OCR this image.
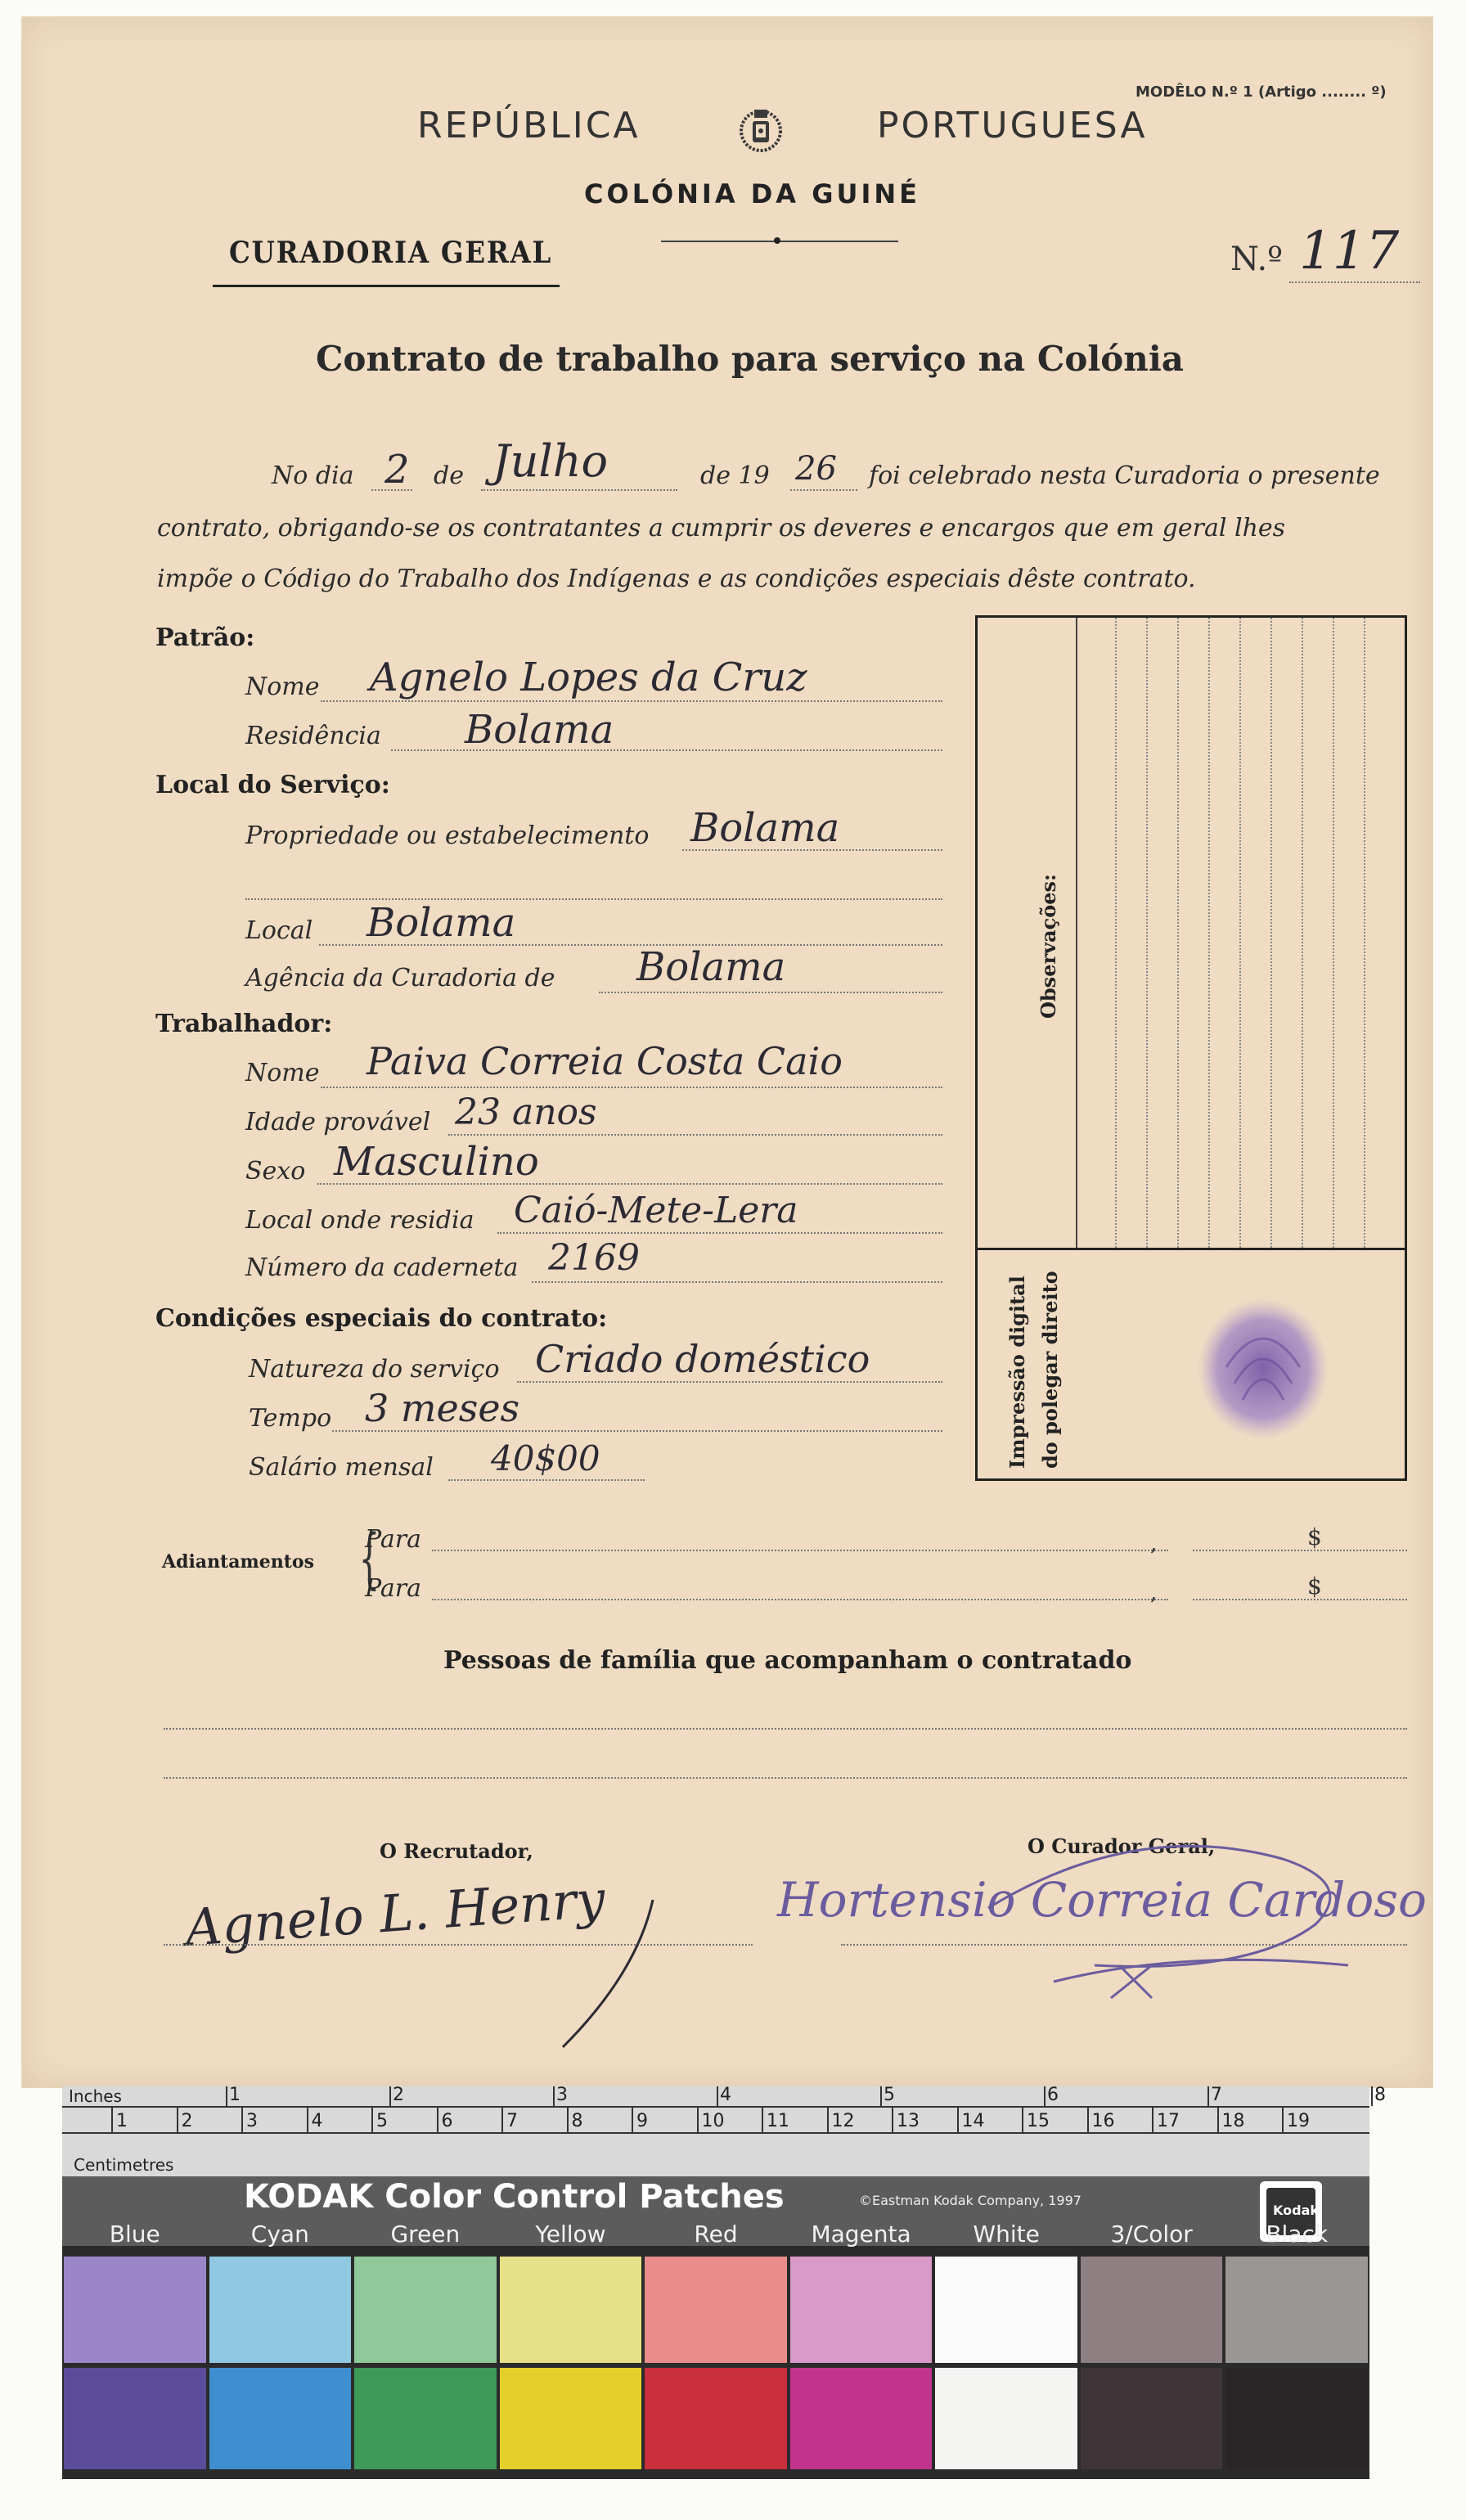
MODÊLO N.º 1 (Artigo ........ º)
REPÚBLICA	PORTUGUESA
COLÓNIA DA GUINÉ
CURADORIA GERAL	N.º 117
Contrato de trabalho para serviço na Colónia
No dia 2 de Julho	de 19 26 foi celebrado nesta Curadoria o presente
contrato, obrigando-se os contratantes a cumprir os deveres e encargos que em geral lhes
impõe o Código do Trabalho dos Indígenas e as condições especiais dêste contrato.
Patrão:
Nome Agnelo Lopes da Cruz
Residência Bolama
Local do Serviço:
Propriedade ou estabelecimento Bolama
Local Bolama
Agência da Curadoria de Bolama
Trabalhador:
Nome Paiva Correia Costa Caio
Idade provável 23 anos
Sexo Masculino
Local onde residia Caió-Mete-Lera
Número da caderneta 2169
Condições especiais do contrato:
Natureza do serviço Criado doméstico
Tempo 3 meses
Salário mensal 40$00
Observações:
Impressão digital do polegar direito
Adiantamentos {
Para	,	$
Para	,	$
Pessoas de família que acompanham o contratado
O Recrutador,
Agnelo L. Henry
O Curador Geral,
Hortensio Correia Cardoso
Inches	1	2	3	4	5	6	7	8
1	2	3	4	5	6	7	8	9	10 11 12 13 14 15 16 17 18 19
Centimetres
KODAK Color Control Patches	©Eastman Kodak Company, 1997
Kodak
Blue	Cyan	Green	Yellow	Red	Magenta	White	3/Color	Black
